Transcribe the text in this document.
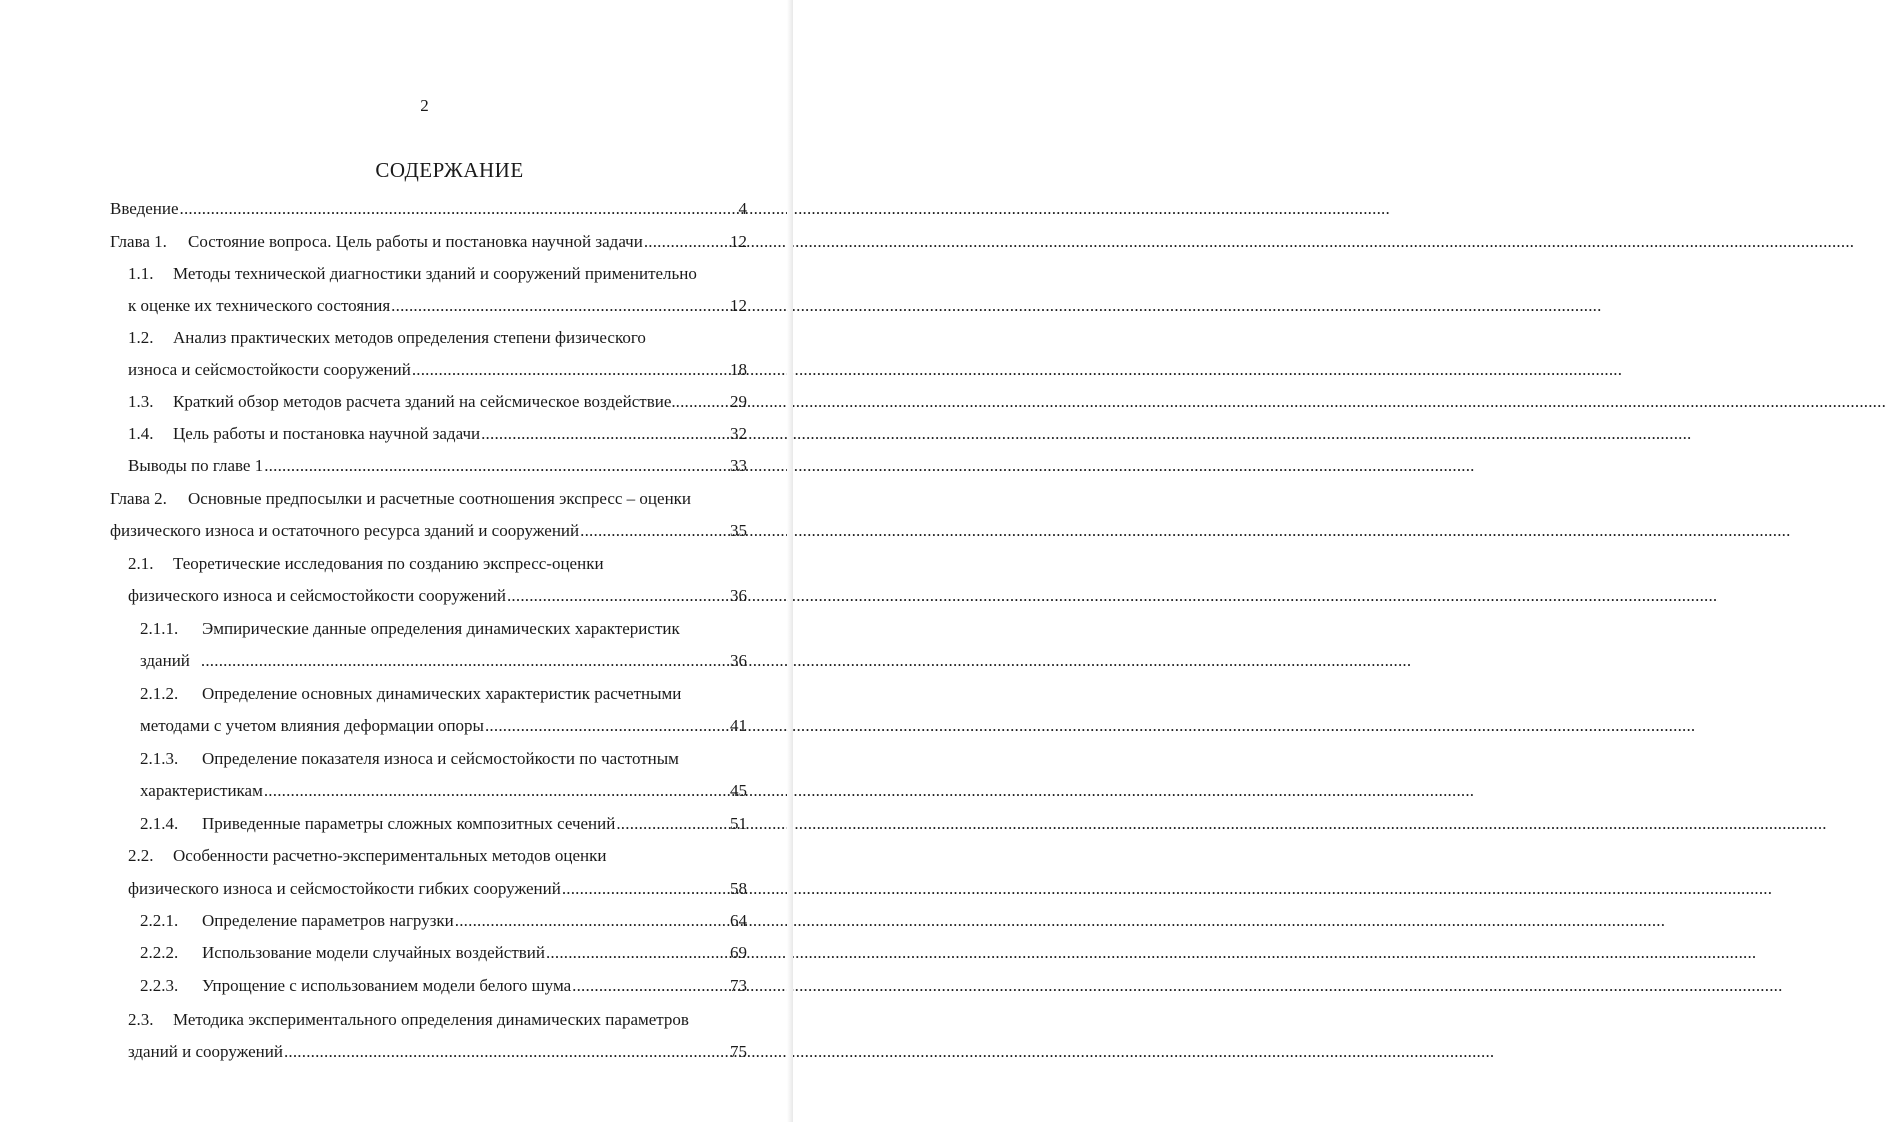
2
СОДЕРЖАНИЕ
Введение .....	4
Глава 1.	Состояние вопроса. Цель работы и постановка научной задачи .....	12
1.1.	Методы технической диагностики зданий и сооружений применительно
к оценке их технического состояния .....	12
1.2.	Анализ практических методов определения степени физического
износа и сейсмостойкости сооружений .....	18
1.3.	Краткий обзор методов расчета зданий на сейсмическое воздействие. .....	29
1.4.	Цель работы и постановка научной задачи .....	32
Выводы по главе 1 .....	33
Глава 2.	Основные предпосылки и расчетные соотношения экспресс – оценки
физического износа и остаточного ресурса зданий и сооружений .....	35
2.1.	Теоретические исследования по созданию экспресс-оценки
физического износа и сейсмостойкости сооружений .....	36
2.1.1.	Эмпирические данные определения динамических характеристик
зданий .....	36
2.1.2.	Определение основных динамических характеристик расчетными
методами с учетом влияния деформации опоры .....	41
2.1.3.	Определение показателя износа и сейсмостойкости по частотным
характеристикам .....	45
2.1.4.	Приведенные параметры сложных композитных сечений .....	51
2.2.	Особенности расчетно-экспериментальных методов оценки
физического износа и сейсмостойкости гибких сооружений .....	58
2.2.1.	Определение параметров нагрузки .....	64
2.2.2.	Использование модели случайных воздействий .....	69
2.2.3.	Упрощение с использованием модели белого шума .....	73
2.3.	Методика экспериментального определения динамических параметров
зданий и сооружений .....	75
